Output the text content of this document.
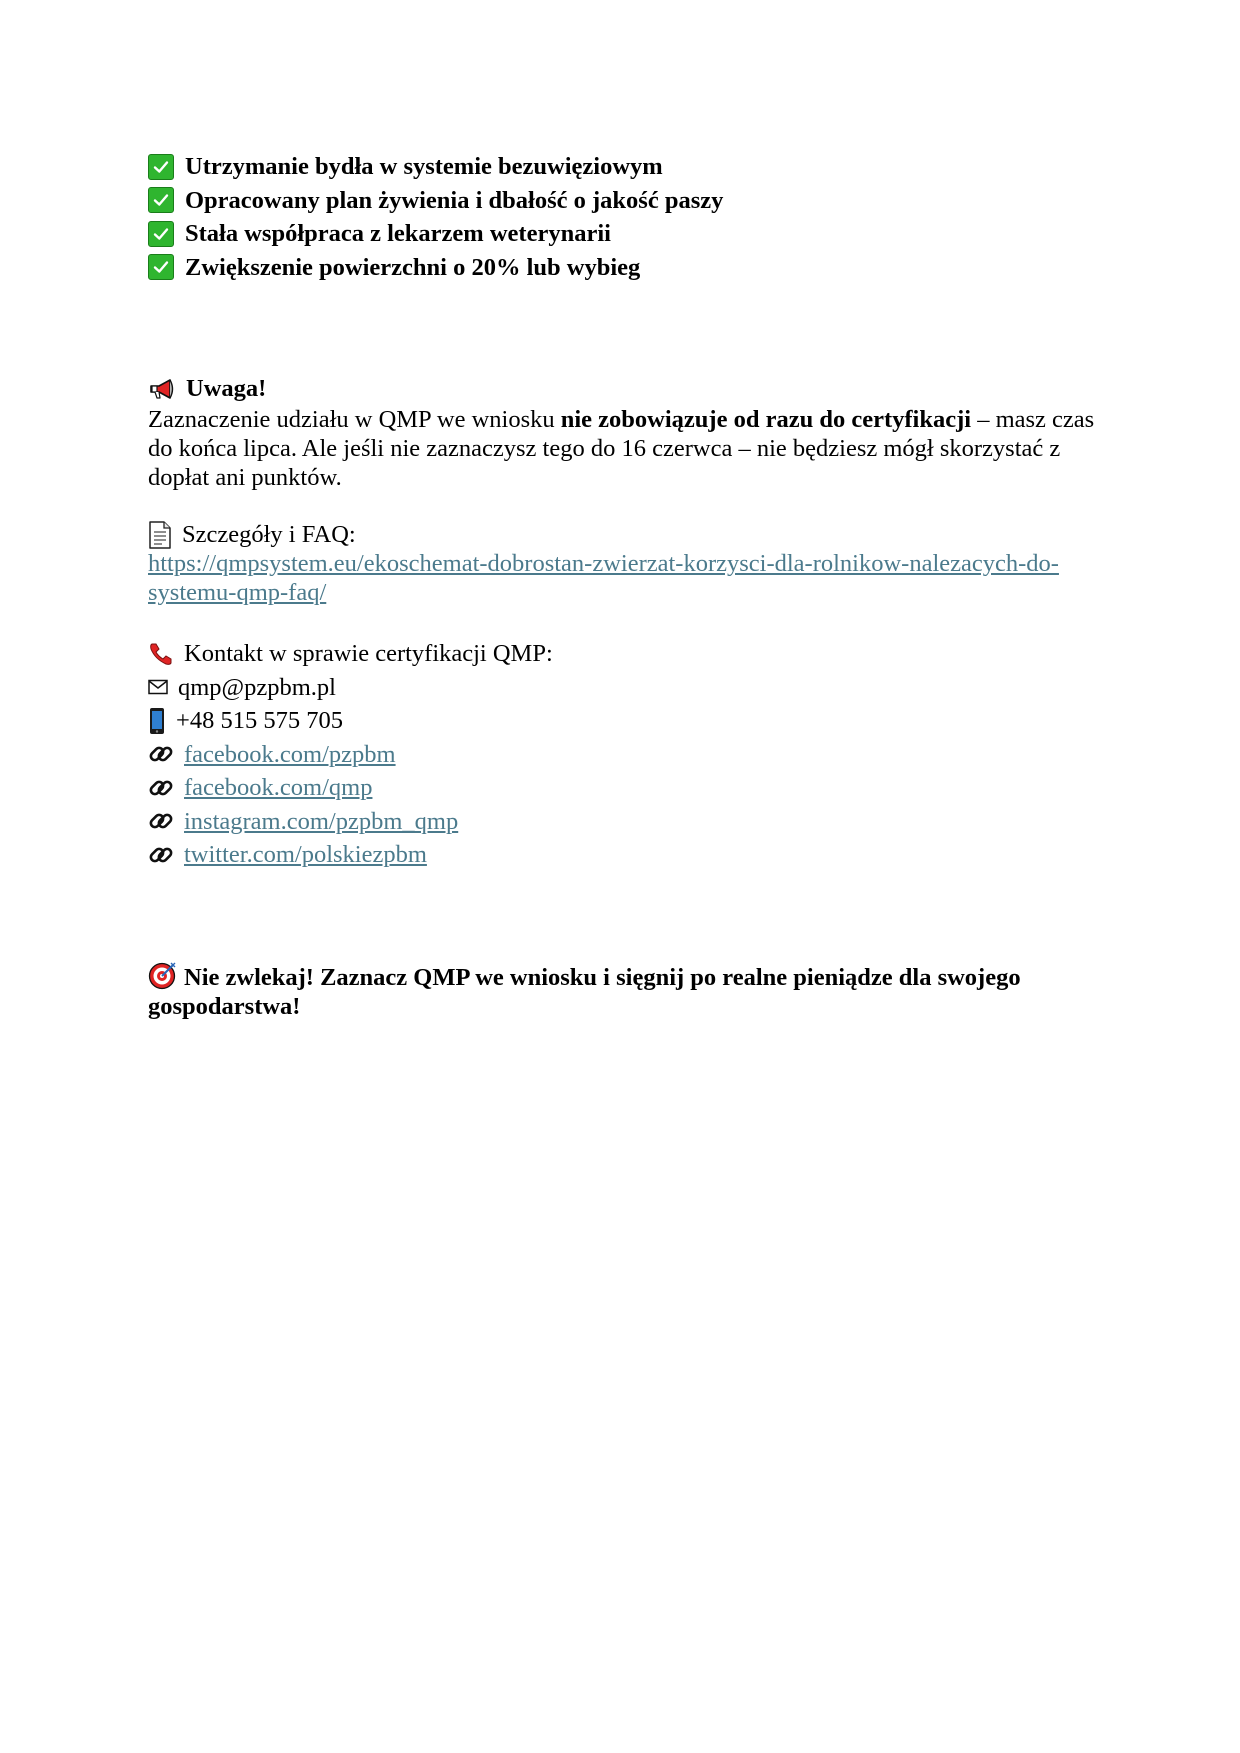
Utrzymanie bydła w systemie bezuwięziowym
Opracowany plan żywienia i dbałość o jakość paszy
Stała współpraca z lekarzem weterynarii
Zwiększenie powierzchni o 20% lub wybieg
Uwaga!

Zaznaczenie udziału w QMP we wniosku nie zobowiązuje od razu do certyfikacji – masz czas do końca lipca. Ale jeśli nie zaznaczysz tego do 16 czerwca – nie będziesz mógł skorzystać z dopłat ani punktów.

Szczegóły i FAQ:
https://qmpsystem.eu/ekoschemat-dobrostan-zwierzat-korzysci-dla-rolnikow-nalezacych-do-systemu-qmp-faq/
Kontakt w sprawie certyfikacji QMP:
qmp@pzpbm.pl
+48 515 575 705
facebook.com/pzpbm
facebook.com/qmp
instagram.com/pzpbm_qmp
twitter.com/polskiezpbm

Nie zwlekaj! Zaznacz QMP we wniosku i sięgnij po realne pieniądze dla swojego gospodarstwa!
